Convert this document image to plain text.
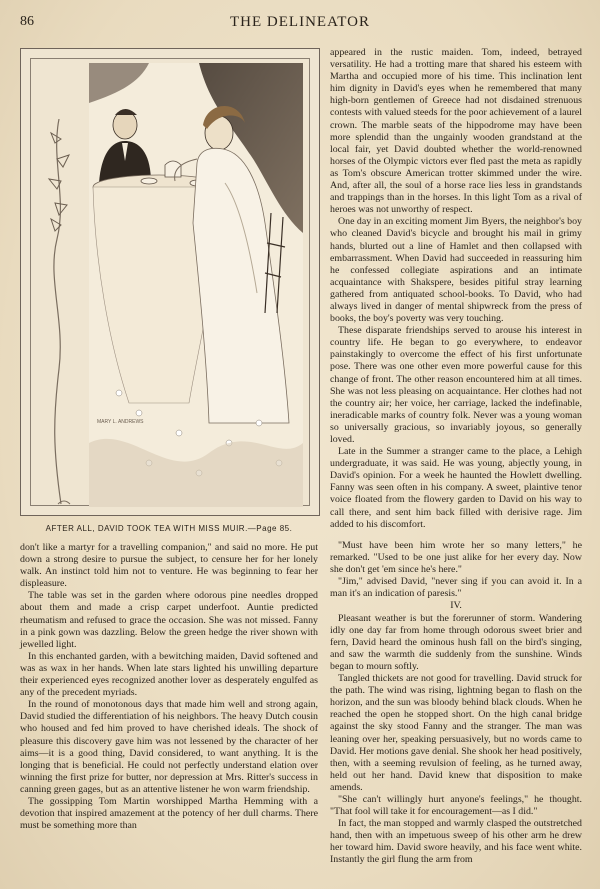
86	THE DELINEATOR
MARY L. ANDREWS
AFTER ALL, DAVID TOOK TEA WITH MISS MUIR.—Page 85.

appeared in the rustic maiden. Tom, indeed, betrayed versatility. He had a trotting mare that shared his esteem with Martha and occupied more of his time. This inclination lent him dignity in David's eyes when he remembered that many high-born gentlemen of Greece had not disdained strenuous contests with valued steeds for the poor achievement of a laurel crown. The marble seats of the hippodrome may have been more splendid than the ungainly wooden grandstand at the local fair, yet David doubted whether the world-renowned horses of the Olympic victors ever fled past the meta as rapidly as Tom's obscure American trotter skimmed under the wire. And, after all, the soul of a horse race lies less in grandstands and trappings than in the horses. In this light Tom as a rival of heroes was not unworthy of respect.

One day in an exciting moment Jim Byers, the neighbor's boy who cleaned David's bicycle and brought his mail in grimy hands, blurted out a line of Hamlet and then collapsed with embarrassment. When David had succeeded in reassuring him he confessed collegiate aspirations and an intimate acquaintance with Shakspere, besides pitiful stray learning gathered from antiquated school-books. To David, who had always lived in danger of mental shipwreck from the press of books, the boy's poverty was very touching.

These disparate friendships served to arouse his interest in country life. He began to go everywhere, to endeavor painstakingly to overcome the effect of his first unfortunate pose. There was one other even more powerful cause for this change of front. The other reason encountered him at all times. She was not less pleasing on acquaintance. Her clothes had not the country air; her voice, her carriage, lacked the indefinable, ineradicable marks of country folk. Never was a young woman so universally gracious, so invariably joyous, so generally loved.

Late in the Summer a stranger came to the place, a Lehigh undergraduate, it was said. He was young, abjectly young, in David's opinion. For a week he haunted the Howlett dwelling. Fanny was seen often in his company. A sweet, plaintive tenor voice floated from the flowery garden to David on his way to call there, and sent him back filled with derisive rage. Jim added to his discomfort.

don't like a martyr for a travelling companion," and said no more. He put down a strong desire to pursue the subject, to censure her for her lonely walk. An instinct told him not to venture. He was beginning to fear her displeasure.

The table was set in the garden where odorous pine needles dropped about them and made a crisp carpet underfoot. Auntie predicted rheumatism and refused to grace the occasion. She was not missed. Fanny in a pink gown was dazzling. Below the green hedge the river shown with jewelled light.

In this enchanted garden, with a bewitching maiden, David softened and was as wax in her hands. When late stars lighted his unwilling departure their experienced eyes recognized another lover as desperately engulfed as any of the precedent myriads.

In the round of monotonous days that made him well and strong again, David studied the differentiation of his neighbors. The heavy Dutch cousin who housed and fed him proved to have cherished ideals. The shock of pleasure this discovery gave him was not lessened by the character of her aims—it is a good thing, David considered, to want anything. It is the longing that is beneficial. He could not perfectly understand elation over winning the first prize for butter, nor depression at Mrs. Ritter's success in canning green gages, but as an attentive listener he won warm friendship.

The gossipping Tom Martin worshipped Martha Hemming with a devotion that inspired amazement at the potency of her dull charms. There must be something more than

"Must have been him wrote her so many letters," he remarked. "Used to be one just alike for her every day. Now she don't get 'em since he's here."

"Jim," advised David, "never sing if you can avoid it. In a man it's an indication of paresis."

IV.

Pleasant weather is but the forerunner of storm. Wandering idly one day far from home through odorous sweet brier and fern, David heard the ominous hush fall on the bird's singing, and saw the warmth die suddenly from the sunshine. Winds began to mourn softly.

Tangled thickets are not good for travelling. David struck for the path. The wind was rising, lightning began to flash on the horizon, and the sun was bloody behind black clouds. When he reached the open he stopped short. On the high canal bridge against the sky stood Fanny and the stranger. The man was leaning over her, speaking persuasively, but no words came to David. Her motions gave denial. She shook her head positively, then, with a seeming revulsion of feeling, as he turned away, held out her hand. David knew that disposition to make amends.

"She can't willingly hurt anyone's feelings," he thought. "That fool will take it for encouragement—as I did."

In fact, the man stopped and warmly clasped the outstretched hand, then with an impetuous sweep of his other arm he drew her toward him. David swore heavily, and his face went white. Instantly the girl flung the arm from
